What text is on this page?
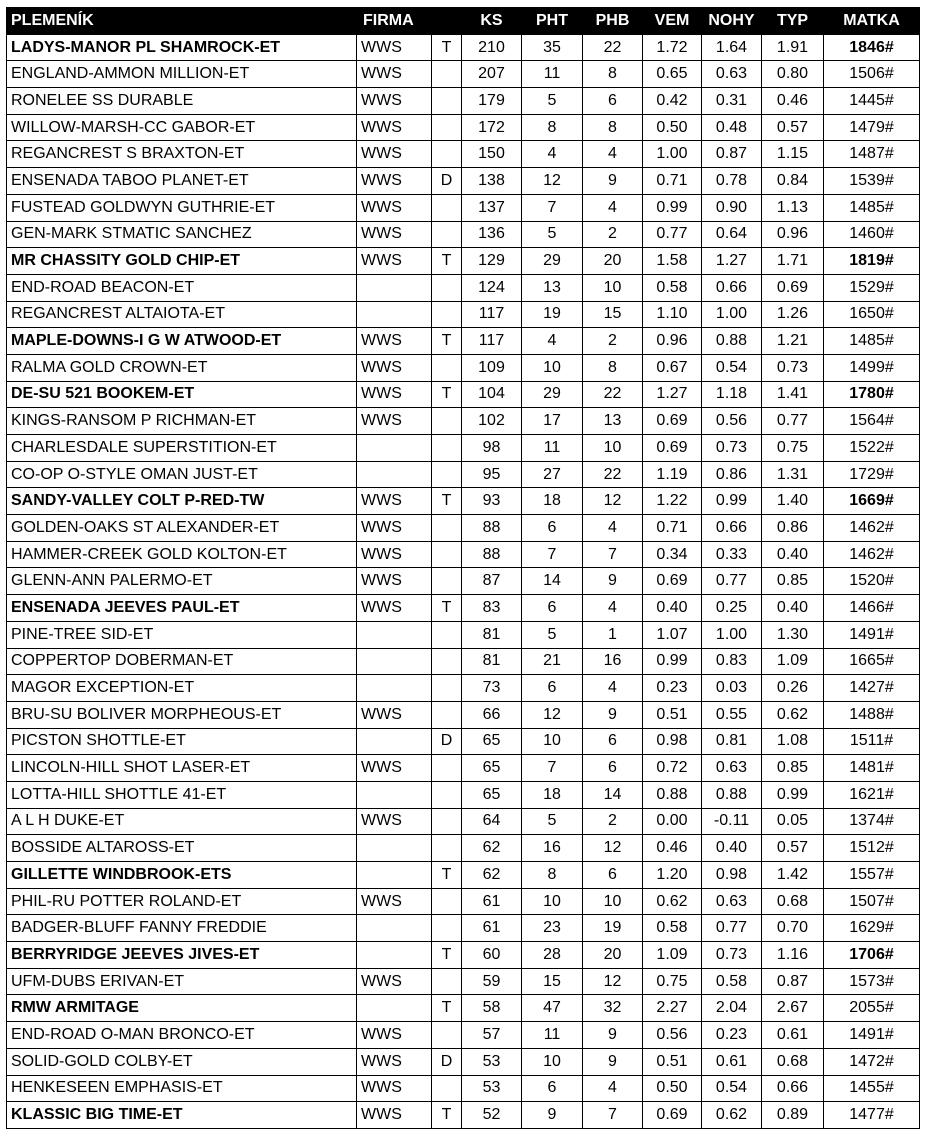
PLEMENÍK	FIRMA		KS	PHT	PHB	VEM	NOHY	TYP	MATKA
LADYS-MANOR PL SHAMROCK-ET	WWS	T	210	35	22	1.72	1.64	1.91	1846#
ENGLAND-AMMON MILLION-ET	WWS		207	11	8	0.65	0.63	0.80	1506#
RONELEE SS DURABLE	WWS		179	5	6	0.42	0.31	0.46	1445#
WILLOW-MARSH-CC GABOR-ET	WWS		172	8	8	0.50	0.48	0.57	1479#
REGANCREST S BRAXTON-ET	WWS		150	4	4	1.00	0.87	1.15	1487#
ENSENADA TABOO PLANET-ET	WWS	D	138	12	9	0.71	0.78	0.84	1539#
FUSTEAD GOLDWYN GUTHRIE-ET	WWS		137	7	4	0.99	0.90	1.13	1485#
GEN-MARK STMATIC SANCHEZ	WWS		136	5	2	0.77	0.64	0.96	1460#
MR CHASSITY GOLD CHIP-ET	WWS	T	129	29	20	1.58	1.27	1.71	1819#
END-ROAD BEACON-ET			124	13	10	0.58	0.66	0.69	1529#
REGANCREST ALTAIOTA-ET			117	19	15	1.10	1.00	1.26	1650#
MAPLE-DOWNS-I G W ATWOOD-ET	WWS	T	117	4	2	0.96	0.88	1.21	1485#
RALMA GOLD CROWN-ET	WWS		109	10	8	0.67	0.54	0.73	1499#
DE-SU 521 BOOKEM-ET	WWS	T	104	29	22	1.27	1.18	1.41	1780#
KINGS-RANSOM P RICHMAN-ET	WWS		102	17	13	0.69	0.56	0.77	1564#
CHARLESDALE SUPERSTITION-ET			98	11	10	0.69	0.73	0.75	1522#
CO-OP O-STYLE OMAN JUST-ET			95	27	22	1.19	0.86	1.31	1729#
SANDY-VALLEY COLT P-RED-TW	WWS	T	93	18	12	1.22	0.99	1.40	1669#
GOLDEN-OAKS ST ALEXANDER-ET	WWS		88	6	4	0.71	0.66	0.86	1462#
HAMMER-CREEK GOLD KOLTON-ET	WWS		88	7	7	0.34	0.33	0.40	1462#
GLENN-ANN PALERMO-ET	WWS		87	14	9	0.69	0.77	0.85	1520#
ENSENADA JEEVES PAUL-ET	WWS	T	83	6	4	0.40	0.25	0.40	1466#
PINE-TREE SID-ET			81	5	1	1.07	1.00	1.30	1491#
COPPERTOP DOBERMAN-ET			81	21	16	0.99	0.83	1.09	1665#
MAGOR EXCEPTION-ET			73	6	4	0.23	0.03	0.26	1427#
BRU-SU BOLIVER MORPHEOUS-ET	WWS		66	12	9	0.51	0.55	0.62	1488#
PICSTON SHOTTLE-ET		D	65	10	6	0.98	0.81	1.08	1511#
LINCOLN-HILL SHOT LASER-ET	WWS		65	7	6	0.72	0.63	0.85	1481#
LOTTA-HILL SHOTTLE 41-ET			65	18	14	0.88	0.88	0.99	1621#
A L H DUKE-ET	WWS		64	5	2	0.00	-0.11	0.05	1374#
BOSSIDE ALTAROSS-ET			62	16	12	0.46	0.40	0.57	1512#
GILLETTE WINDBROOK-ETS		T	62	8	6	1.20	0.98	1.42	1557#
PHIL-RU POTTER ROLAND-ET	WWS		61	10	10	0.62	0.63	0.68	1507#
BADGER-BLUFF FANNY FREDDIE			61	23	19	0.58	0.77	0.70	1629#
BERRYRIDGE JEEVES JIVES-ET		T	60	28	20	1.09	0.73	1.16	1706#
UFM-DUBS ERIVAN-ET	WWS		59	15	12	0.75	0.58	0.87	1573#
RMW ARMITAGE		T	58	47	32	2.27	2.04	2.67	2055#
END-ROAD O-MAN BRONCO-ET	WWS		57	11	9	0.56	0.23	0.61	1491#
SOLID-GOLD COLBY-ET	WWS	D	53	10	9	0.51	0.61	0.68	1472#
HENKESEEN EMPHASIS-ET	WWS		53	6	4	0.50	0.54	0.66	1455#
KLASSIC BIG TIME-ET	WWS	T	52	9	7	0.69	0.62	0.89	1477#
